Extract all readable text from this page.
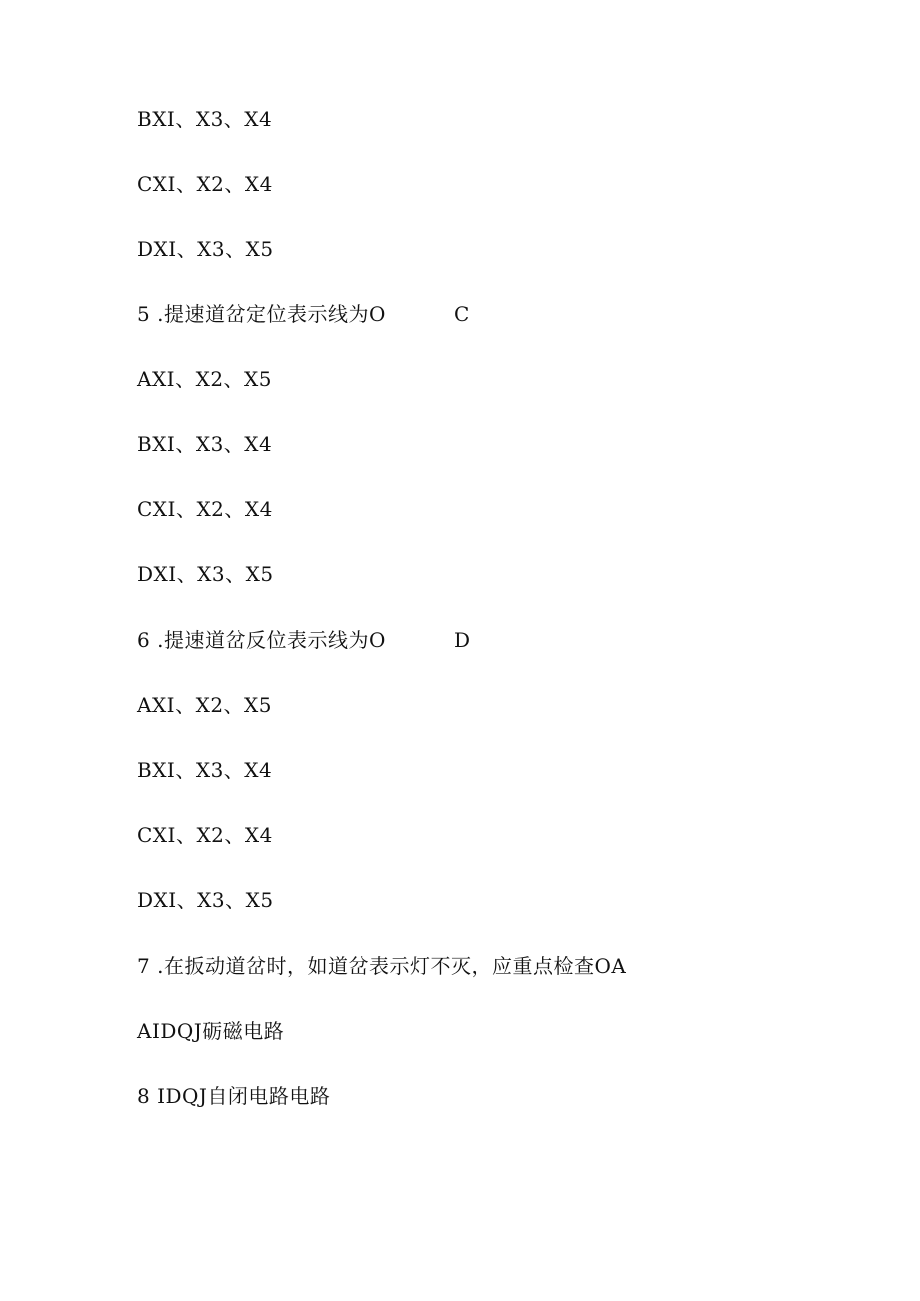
BXI、X3、X4
CXI、X2、X4
DXI、X3、X5
5 .提速道岔定位表示线为O	C
AXI、X2、X5
BXI、X3、X4
CXI、X2、X4
DXI、X3、X5
6 .提速道岔反位表示线为O	D
AXI、X2、X5
BXI、X3、X4
CXI、X2、X4
DXI、X3、X5
7 .在扳动道岔时，如道岔表示灯不灭，应重点检查OA
AIDQJ砺磁电路
8 IDQJ自闭电路电路
